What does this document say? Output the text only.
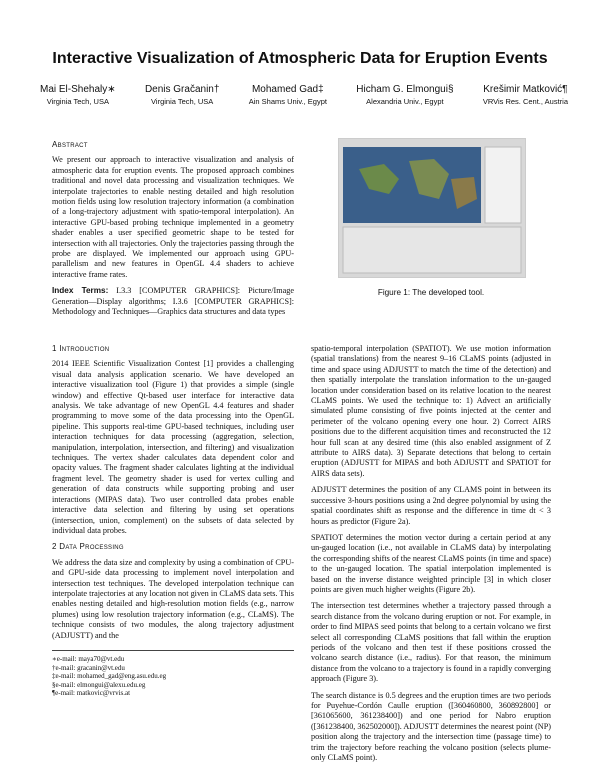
Interactive Visualization of Atmospheric Data for Eruption Events
Mai El-Shehaly∗
Virginia Tech, USA
Denis Gračanin†
Virginia Tech, USA
Mohamed Gad‡
Ain Shams Univ., Egypt
Hicham G. Elmongui§
Alexandria Univ., Egypt
Krešimir Matković¶
VRVis Res. Cent., Austria
Abstract

We present our approach to interactive visualization and analysis of atmospheric data for eruption events. The proposed approach combines traditional and novel data processing and visualization techniques. We interpolate trajectories to enable nesting detailed and high resolution motion fields using low resolution trajectory information (a combination of a long-trajectory adjustment with spatio-temporal interpolation). An interactive GPU-based probing technique implemented in a geometry shader enables a user specified geometric shape to be tested for intersection with all trajectories. Only the trajectories passing through the probe are displayed. We implemented our approach using GPU-parallelism and new features in OpenGL 4.4 shaders to achieve interactive frame rates.

Index Terms: I.3.3 [COMPUTER GRAPHICS]: Picture/Image Generation—Display algorithms; I.3.6 [COMPUTER GRAPHICS]: Methodology and Techniques—Graphics data structures and data types

Figure 1: The developed tool.
1 Introduction

2014 IEEE Scientific Visualization Contest [1] provides a challenging visual data analysis application scenario. We have developed an interactive visualization tool (Figure 1) that provides a simple (single window) and effective Qt-based user interface for interactive data analysis. We take advantage of new OpenGL 4.4 features and shader programming to move some of the data processing into the OpenGL pipeline. This supports real-time GPU-based techniques, including user interaction techniques for data processing (aggregation, selection, manipulation, interpolation, intersection, and filtering) and visualization techniques. The vertex shader calculates data dependent color and opacity values. The fragment shader calculates lighting at the individual fragment level. The geometry shader is used for vertex culling and generation of data constructs while supporting probing and user interactions (MIPAS data). Two user controlled data probes enable interactive data selection and filtering by using set operations (intersection, union, complement) on the subsets of data selected by individual data probes.

2 Data Processing

We address the data size and complexity by using a combination of CPU- and GPU-side data processing to implement novel interpolation and intersection test techniques. The developed interpolation technique can interpolate trajectories at any location not given in CLaMS data sets. This enables nesting detailed and high-resolution motion fields (e.g., narrow plumes) using low resolution trajectory information (e.g., CLaMS). The technique consists of two modules, the along trajectory adjustment (ADJUSTT) and the

spatio-temporal interpolation (SPATIOT). We use motion information (spatial translations) from the nearest 9–16 CLaMS points (adjusted in time and space using ADJUSTT to match the time of the detection) and then spatially interpolate the translation information to the un-gauged location under consideration based on its relative location to the nearest CLaMS points. We used the technique to: 1) Advect an artificially simulated plume consisting of five points injected at the center and perimeter of the volcano opening every one hour. 2) Correct AIRS positions due to the different acquisition times and reconstructed the 12 hour full scan at any desired time (this also enabled assignment of Z attribute to AIRS data). 3) Separate detections that belong to certain eruption (ADJUSTT for MIPAS and both ADJUSTT and SPATIOT for AIRS data sets).

ADJUSTT determines the position of any CLAMS point in between its successive 3-hours positions using a 2nd degree polynomial by using the spatial coordinates shift as response and the difference in time dt < 3 hours as predictor (Figure 2a).

SPATIOT determines the motion vector during a certain period at any un-gauged location (i.e., not available in CLaMS data) by interpolating the corresponding shifts of the nearest CLaMS points (in time and space) to the un-gauged location. The spatial interpolation implemented is based on the inverse distance weighted principle [3] in which closer points are given much higher weights (Figure 2b).

The intersection test determines whether a trajectory passed through a search distance from the volcano during eruption or not. For example, in order to find MIPAS seed points that belong to a certain volcano we first select all corresponding CLaMS positions that fall within the eruption periods of the volcano and then test if these positions crossed the volcano search distance (i.e., radius). For that reason, the minimum distance from the volcano to a trajectory is found in a rapidly converging approach (Figure 3).

The search distance is 0.5 degrees and the eruption times are two periods for Puyehue-Cordón Caulle eruption ([360460800, 360892800] or [361065600, 361238400]) and one period for Nabro eruption ([361238400, 362502000]). ADJUSTT determines the nearest point (NP) position along the trajectory and the intersection time (passage time) to trim the trajectory before reaching the volcano position (selects plume-only CLaMS point).

∗e-mail: maya70@vt.edu
†e-mail: gracanin@vt.edu
‡e-mail: mohamed_gad@eng.asu.edu.eg
§e-mail: elmongui@alexu.edu.eg
¶e-mail: matkovic@vrvis.at
